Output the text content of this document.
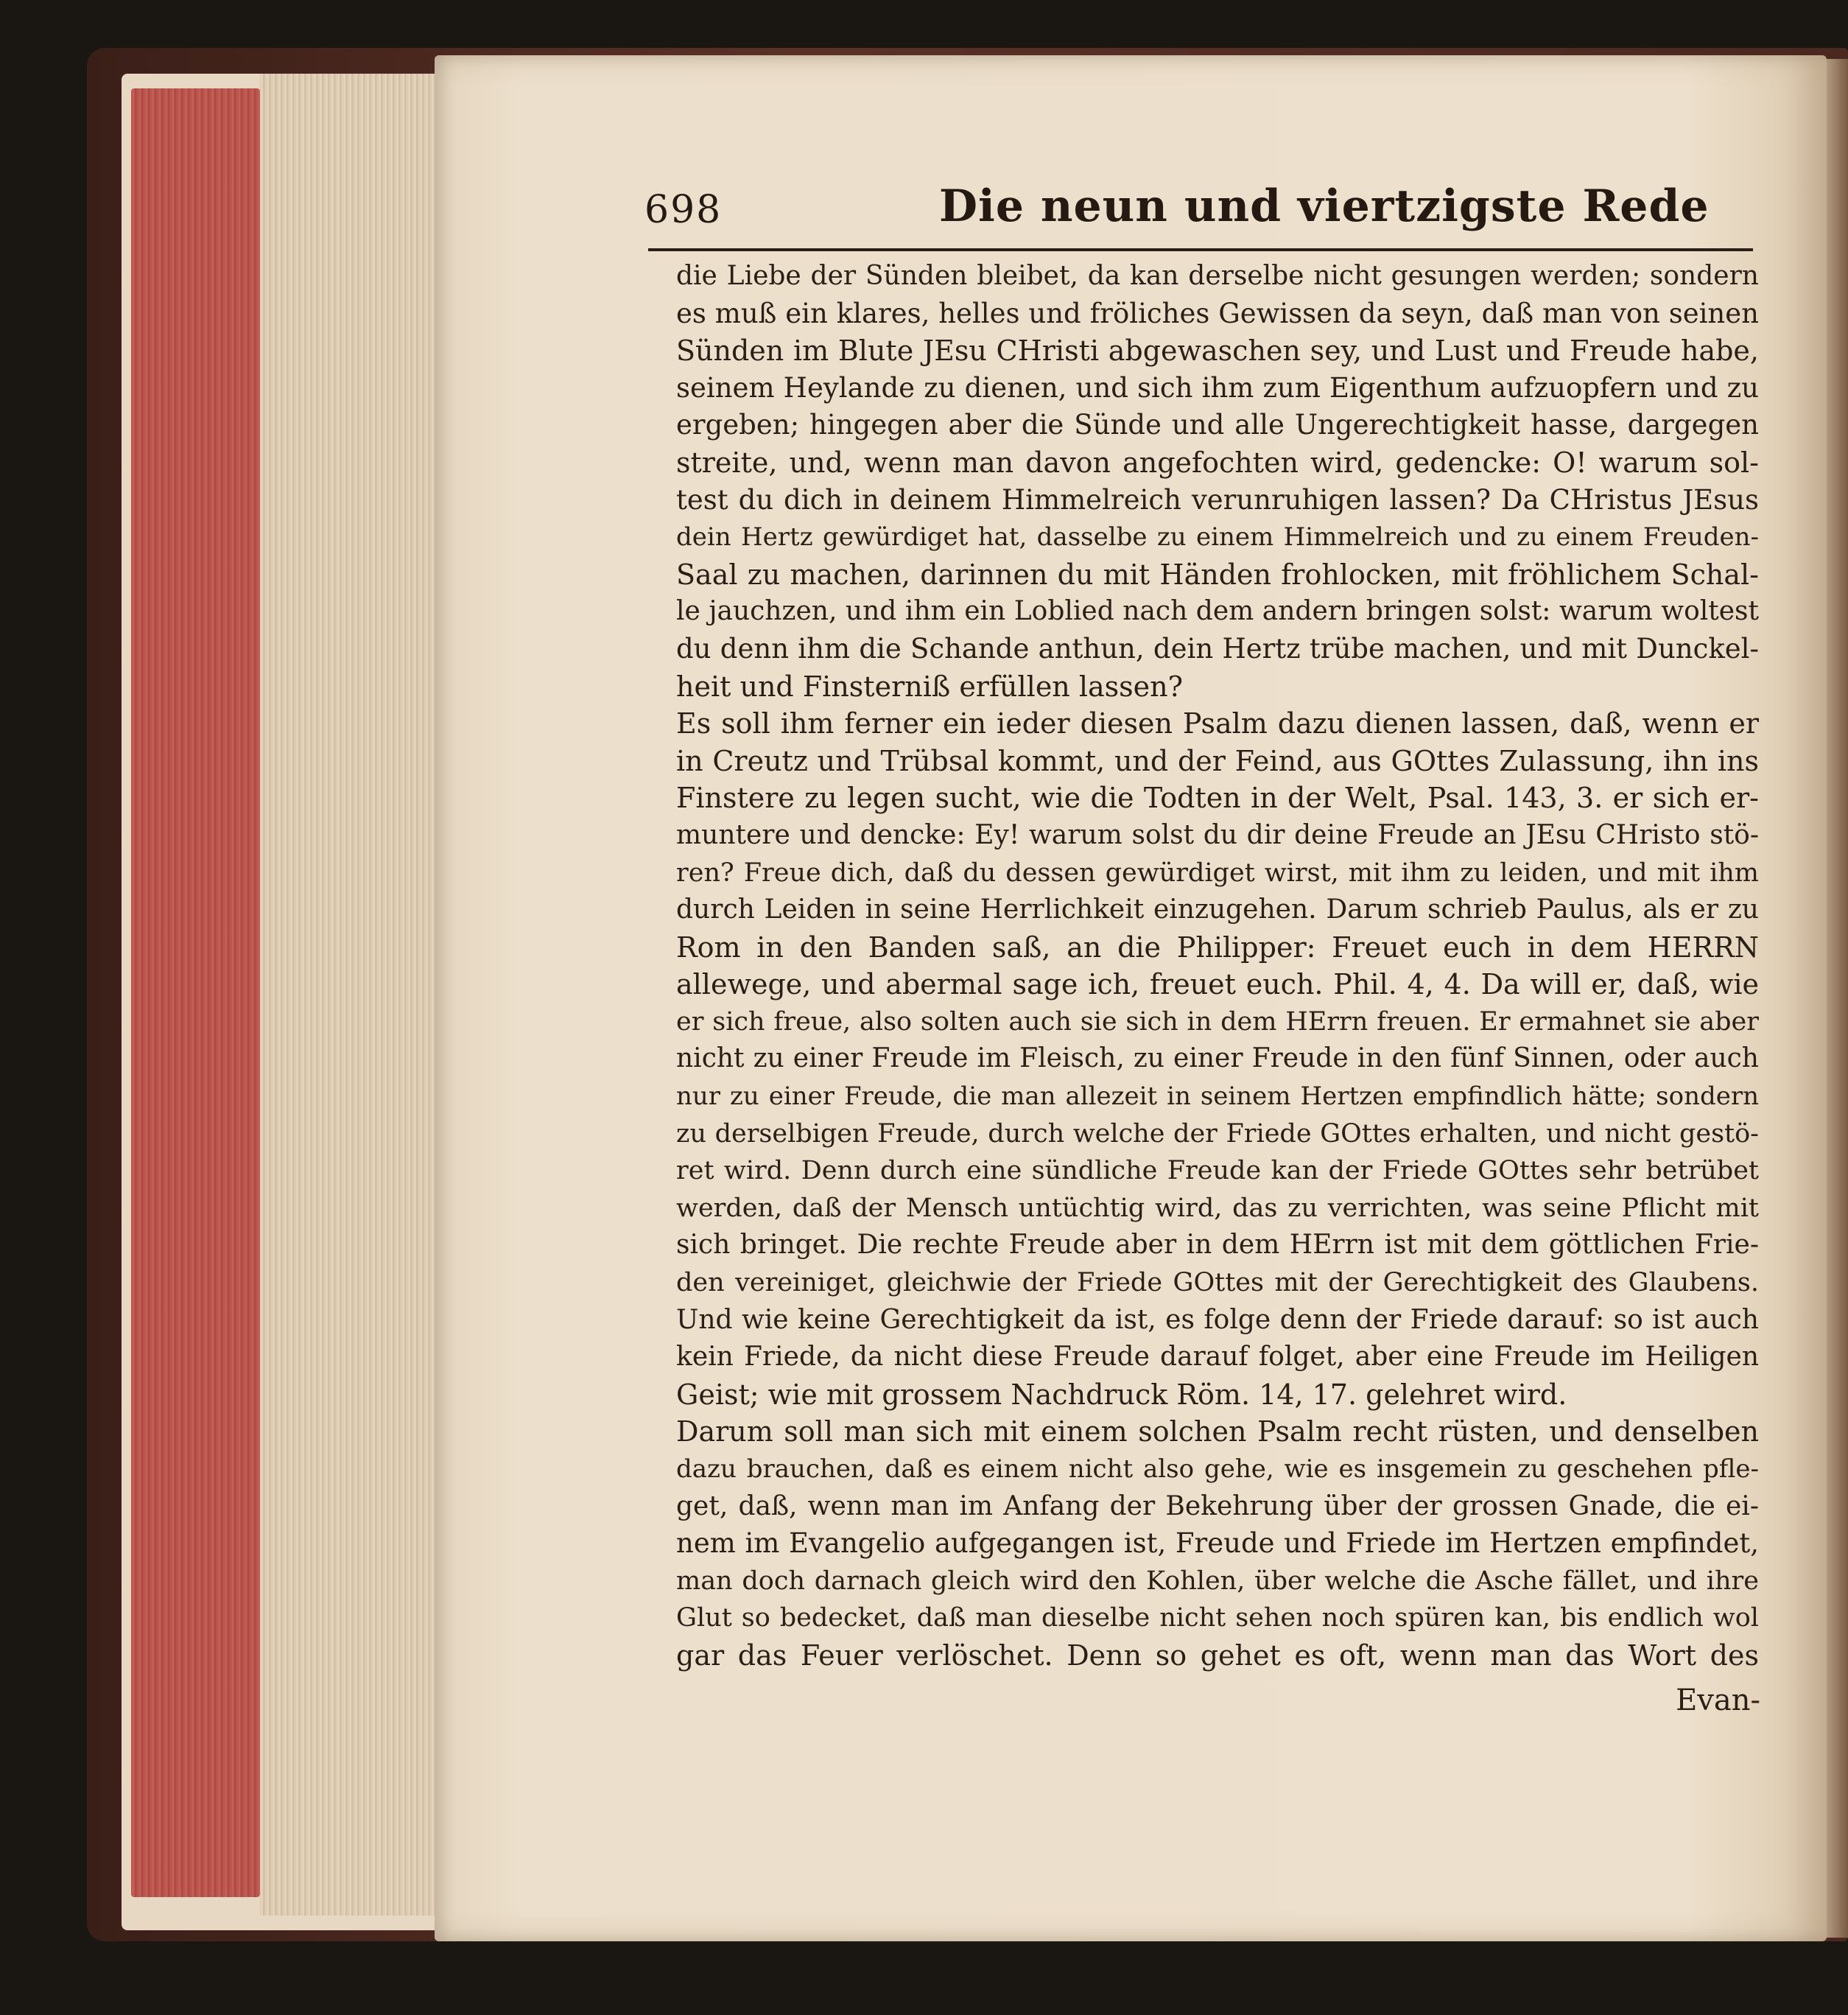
698	Die neun und viertzigste Rede
die Liebe der Sünden bleibet, da kan derselbe nicht gesungen werden; sondern
es muß ein klares, helles und fröliches Gewissen da seyn, daß man von seinen
Sünden im Blute JEsu CHristi abgewaschen sey, und Lust und Freude habe,
seinem Heylande zu dienen, und sich ihm zum Eigenthum aufzuopfern und zu
ergeben; hingegen aber die Sünde und alle Ungerechtigkeit hasse, dargegen
streite, und, wenn man davon angefochten wird, gedencke: O! warum sol-
test du dich in deinem Himmelreich verunruhigen lassen? Da CHristus JEsus
dein Hertz gewürdiget hat, dasselbe zu einem Himmelreich und zu einem Freuden-
Saal zu machen, darinnen du mit Händen frohlocken, mit fröhlichem Schal-
le jauchzen, und ihm ein Loblied nach dem andern bringen solst: warum woltest
du denn ihm die Schande anthun, dein Hertz trübe machen, und mit Dunckel-
heit und Finsterniß erfüllen lassen?
Es soll ihm ferner ein ieder diesen Psalm dazu dienen lassen, daß, wenn er
in Creutz und Trübsal kommt, und der Feind, aus GOttes Zulassung, ihn ins
Finstere zu legen sucht, wie die Todten in der Welt, Psal. 143, 3. er sich er-
muntere und dencke: Ey! warum solst du dir deine Freude an JEsu CHristo stö-
ren? Freue dich, daß du dessen gewürdiget wirst, mit ihm zu leiden, und mit ihm
durch Leiden in seine Herrlichkeit einzugehen. Darum schrieb Paulus, als er zu
Rom in den Banden saß, an die Philipper: Freuet euch in dem HERRN
allewege, und abermal sage ich, freuet euch. Phil. 4, 4. Da will er, daß, wie
er sich freue, also solten auch sie sich in dem HErrn freuen. Er ermahnet sie aber
nicht zu einer Freude im Fleisch, zu einer Freude in den fünf Sinnen, oder auch
nur zu einer Freude, die man allezeit in seinem Hertzen empfindlich hätte; sondern
zu derselbigen Freude, durch welche der Friede GOttes erhalten, und nicht gestö-
ret wird. Denn durch eine sündliche Freude kan der Friede GOttes sehr betrübet
werden, daß der Mensch untüchtig wird, das zu verrichten, was seine Pflicht mit
sich bringet. Die rechte Freude aber in dem HErrn ist mit dem göttlichen Frie-
den vereiniget, gleichwie der Friede GOttes mit der Gerechtigkeit des Glaubens.
Und wie keine Gerechtigkeit da ist, es folge denn der Friede darauf: so ist auch
kein Friede, da nicht diese Freude darauf folget, aber eine Freude im Heiligen
Geist; wie mit grossem Nachdruck Röm. 14, 17. gelehret wird.
Darum soll man sich mit einem solchen Psalm recht rüsten, und denselben
dazu brauchen, daß es einem nicht also gehe, wie es insgemein zu geschehen pfle-
get, daß, wenn man im Anfang der Bekehrung über der grossen Gnade, die ei-
nem im Evangelio aufgegangen ist, Freude und Friede im Hertzen empfindet,
man doch darnach gleich wird den Kohlen, über welche die Asche fället, und ihre
Glut so bedecket, daß man dieselbe nicht sehen noch spüren kan, bis endlich wol
gar das Feuer verlöschet. Denn so gehet es oft, wenn man das Wort des
Evan-
